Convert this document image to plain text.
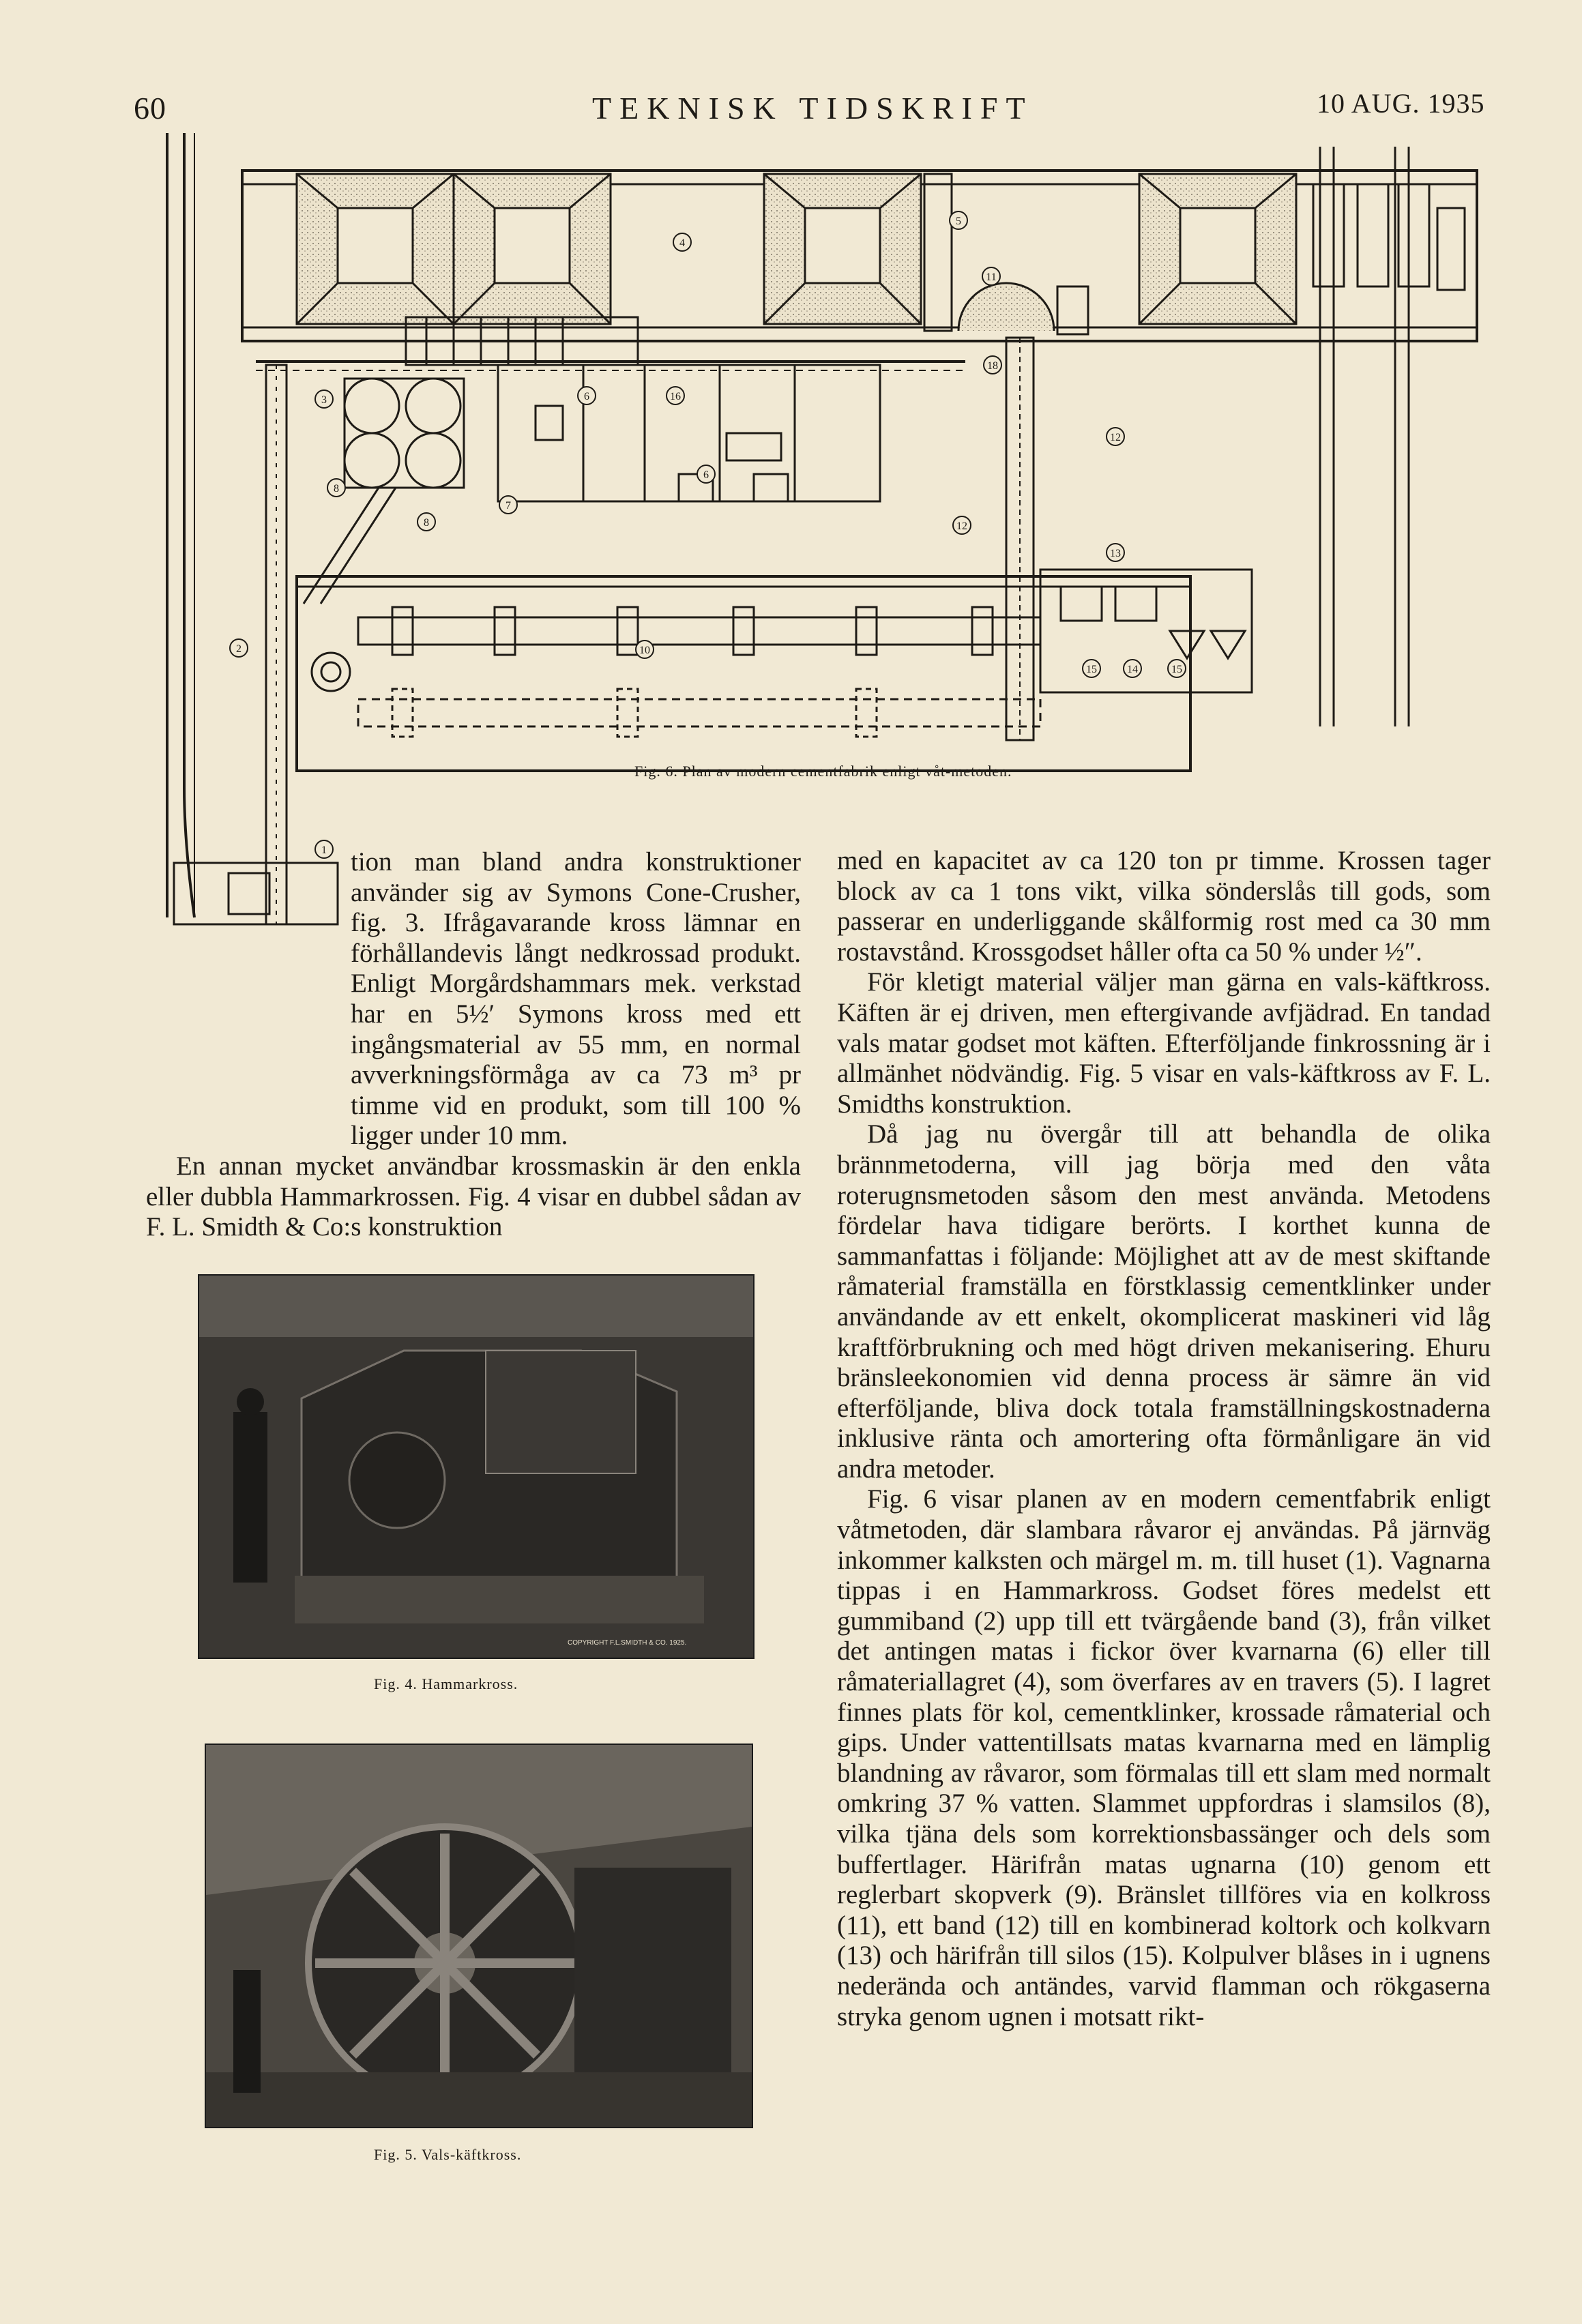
60	TEKNISK TIDSKRIFT	10 AUG. 1935
4
5
11
18
6	16
3
8
8
7
12
12
13
10
2
15	14	15
1
6
Fig. 6. Plan av modern cementfabrik enligt våt-metoden.

tion man bland andra konstruktioner använder sig av Symons Cone-Crusher, fig. 3. Ifrågavarande kross lämnar en förhållandevis långt nedkrossad produkt. Enligt Morgårdshammars mek. verkstad har en 5½′ Symons kross med ett ingångsmaterial av 55 mm, en normal avverkningsförmåga av ca 73 m³ pr timme vid en produkt, som till 100 % ligger under 10 mm.

En annan mycket användbar krossmaskin är den enkla eller dubbla Hammarkrossen. Fig. 4 visar en dubbel sådan av F. L. Smidth & Co:s konstruktion

COPYRIGHT F.L.SMIDTH & CO. 1925.
Fig. 4. Hammarkross.
Fig. 5. Vals-käftkross.

med en kapacitet av ca 120 ton pr timme. Krossen tager block av ca 1 tons vikt, vilka sönderslås till gods, som passerar en underliggande skålformig rost med ca 30 mm rostavstånd. Krossgodset håller ofta ca 50 % under ½″.

För kletigt material väljer man gärna en vals-käftkross. Käften är ej driven, men eftergivande avfjädrad. En tandad vals matar godset mot käften. Efterföljande finkrossning är i allmänhet nödvändig. Fig. 5 visar en vals-käftkross av F. L. Smidths konstruktion.

Då jag nu övergår till att behandla de olika brännmetoderna, vill jag börja med den våta roterugnsmetoden såsom den mest använda. Metodens fördelar hava tidigare berörts. I korthet kunna de sammanfattas i följande: Möjlighet att av de mest skiftande råmaterial framställa en förstklassig cementklinker under användande av ett enkelt, okomplicerat maskineri vid låg kraftförbrukning och med högt driven mekanisering. Ehuru bränsleekonomien vid denna process är sämre än vid efterföljande, bliva dock totala framställningskostnaderna inklusive ränta och amortering ofta förmånligare än vid andra metoder.

Fig. 6 visar planen av en modern cementfabrik enligt våtmetoden, där slambara råvaror ej användas. På järnväg inkommer kalksten och märgel m. m. till huset (1). Vagnarna tippas i en Hammarkross. Godset föres medelst ett gummiband (2) upp till ett tvärgående band (3), från vilket det antingen matas i fickor över kvarnarna (6) eller till råmateriallagret (4), som överfares av en travers (5). I lagret finnes plats för kol, cementklinker, krossade råmaterial och gips. Under vattentillsats matas kvarnarna med en lämplig blandning av råvaror, som förmalas till ett slam med normalt omkring 37 % vatten. Slammet uppfordras i slamsilos (8), vilka tjäna dels som korrektionsbassänger och dels som buffertlager. Härifrån matas ugnarna (10) genom ett reglerbart skopverk (9). Bränslet tillföres via en kolkross (11), ett band (12) till en kombinerad koltork och kolkvarn (13) och härifrån till silos (15). Kolpulver blåses in i ugnens nederända och antändes, varvid flamman och rökgaserna stryka genom ugnen i motsatt rikt-
